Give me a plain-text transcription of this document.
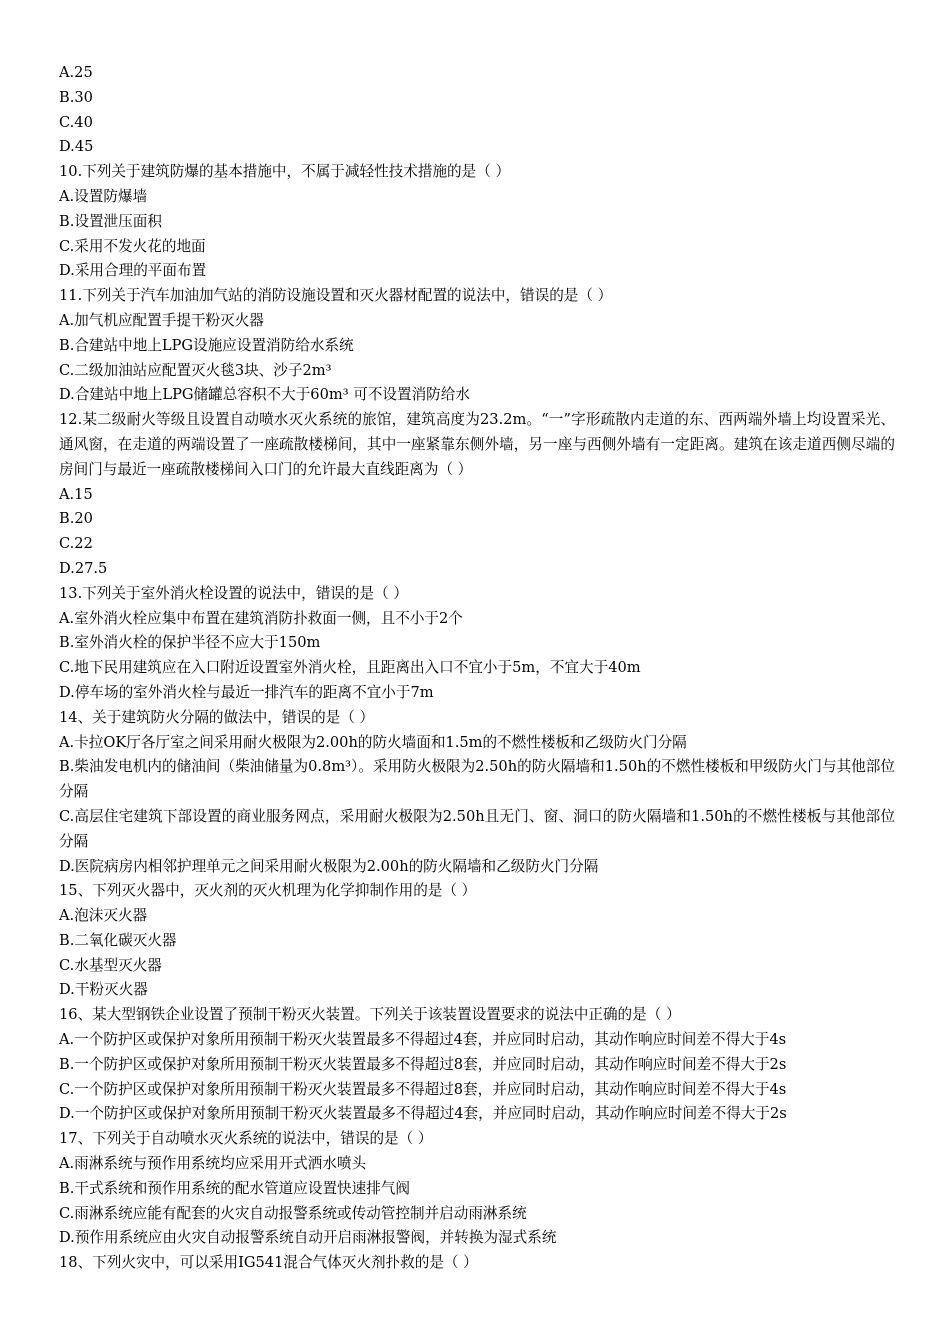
A.25
B.30
C.40
D.45
10.下列关于建筑防爆的基本措施中，不属于减轻性技术措施的是（ ）
A.设置防爆墙
B.设置泄压面积
C.采用不发火花的地面
D.采用合理的平面布置
11.下列关于汽车加油加气站的消防设施设置和灭火器材配置的说法中，错误的是（ ）
A.加气机应配置手提干粉灭火器
B.合建站中地上LPG设施应设置消防给水系统
C.二级加油站应配置灭火毯3块、沙子2m³
D.合建站中地上LPG储罐总容积不大于60m³ 可不设置消防给水
12.某二级耐火等级且设置自动喷水灭火系统的旅馆，建筑高度为23.2m。“一”字形疏散内走道的东、西两端外墙上均设置采光、通风窗，在走道的两端设置了一座疏散楼梯间，其中一座紧靠东侧外墙，另一座与西侧外墙有一定距离。建筑在该走道西侧尽端的房间门与最近一座疏散楼梯间入口门的允许最大直线距离为（ ）
A.15
B.20
C.22
D.27.5
13.下列关于室外消火栓设置的说法中，错误的是（ ）
A.室外消火栓应集中布置在建筑消防扑救面一侧，且不小于2个
B.室外消火栓的保护半径不应大于150m
C.地下民用建筑应在入口附近设置室外消火栓，且距离出入口不宜小于5m，不宜大于40m
D.停车场的室外消火栓与最近一排汽车的距离不宜小于7m
14、关于建筑防火分隔的做法中，错误的是（ ）
A.卡拉OK厅各厅室之间采用耐火极限为2.00h的防火墙面和1.5m的不燃性楼板和乙级防火门分隔
B.柴油发电机内的储油间（柴油储量为0.8m³）。采用防火极限为2.50h的防火隔墙和1.50h的不燃性楼板和甲级防火门与其他部位分隔
C.高层住宅建筑下部设置的商业服务网点，采用耐火极限为2.50h且无门、窗、洞口的防火隔墙和1.50h的不燃性楼板与其他部位分隔
D.医院病房内相邻护理单元之间采用耐火极限为2.00h的防火隔墙和乙级防火门分隔
15、下列灭火器中，灭火剂的灭火机理为化学抑制作用的是（ ）
A.泡沫灭火器
B.二氧化碳灭火器
C.水基型灭火器
D.干粉灭火器
16、某大型钢铁企业设置了预制干粉灭火装置。下列关于该装置设置要求的说法中正确的是（ ）
A.一个防护区或保护对象所用预制干粉灭火装置最多不得超过4套，并应同时启动，其动作响应时间差不得大于4s
B.一个防护区或保护对象所用预制干粉灭火装置最多不得超过8套，并应同时启动，其动作响应时间差不得大于2s
C.一个防护区或保护对象所用预制干粉灭火装置最多不得超过8套，并应同时启动，其动作响应时间差不得大于4s
D.一个防护区或保护对象所用预制干粉灭火装置最多不得超过4套，并应同时启动，其动作响应时间差不得大于2s
17、下列关于自动喷水灭火系统的说法中，错误的是（ ）
A.雨淋系统与预作用系统均应采用开式洒水喷头
B.干式系统和预作用系统的配水管道应设置快速排气阀
C.雨淋系统应能有配套的火灾自动报警系统或传动管控制并启动雨淋系统
D.预作用系统应由火灾自动报警系统自动开启雨淋报警阀，并转换为湿式系统
18、下列火灾中，可以采用IG541混合气体灭火剂扑救的是（ ）
